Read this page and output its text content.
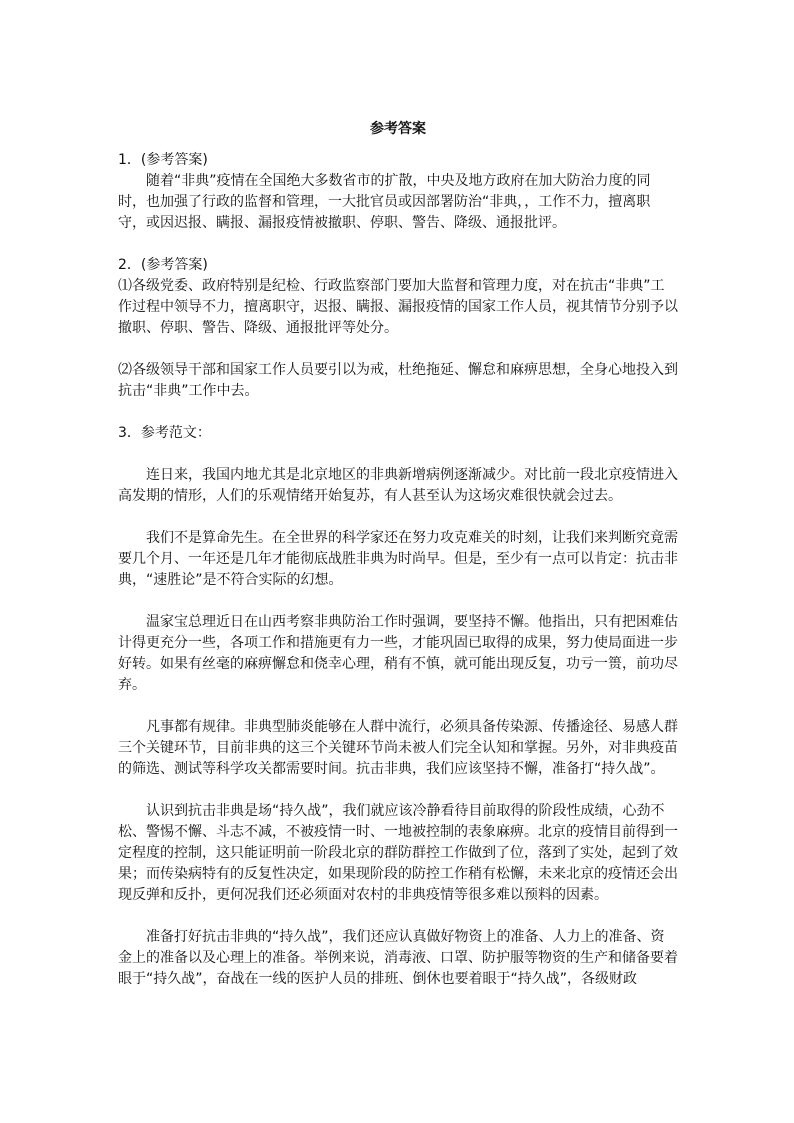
参考答案

1．(参考答案)

随着“非典”疫情在全国绝大多数省市的扩散，中央及地方政府在加大防治力度的同时，也加强了行政的监督和管理，一大批官员或因部署防治“非典，，工作不力，擅离职守，或因迟报、瞒报、漏报疫情被撤职、停职、警告、降级、通报批评。

2．(参考答案)

⑴各级党委、政府特别是纪检、行政监察部门要加大监督和管理力度，对在抗击“非典”工作过程中领导不力，擅离职守，迟报、瞒报、漏报疫情的国家工作人员，视其情节分别予以撤职、停职、警告、降级、通报批评等处分。

⑵各级领导干部和国家工作人员要引以为戒，杜绝拖延、懈怠和麻痹思想，全身心地投入到抗击“非典”工作中去。

3．参考范文：

连日来，我国内地尤其是北京地区的非典新增病例逐渐减少。对比前一段北京疫情进入高发期的情形，人们的乐观情绪开始复苏，有人甚至认为这场灾难很快就会过去。

我们不是算命先生。在全世界的科学家还在努力攻克难关的时刻，让我们来判断究竟需要几个月、一年还是几年才能彻底战胜非典为时尚早。但是，至少有一点可以肯定：抗击非典，“速胜论”是不符合实际的幻想。

温家宝总理近日在山西考察非典防治工作时强调，要坚持不懈。他指出，只有把困难估计得更充分一些，各项工作和措施更有力一些，才能巩固已取得的成果，努力使局面进一步好转。如果有丝毫的麻痹懈怠和侥幸心理，稍有不慎，就可能出现反复，功亏一篑，前功尽弃。

凡事都有规律。非典型肺炎能够在人群中流行，必须具备传染源、传播途径、易感人群三个关键环节，目前非典的这三个关键环节尚未被人们完全认知和掌握。另外，对非典疫苗的筛选、测试等科学攻关都需要时间。抗击非典，我们应该坚持不懈，准备打“持久战”。

认识到抗击非典是场“持久战”，我们就应该冷静看待目前取得的阶段性成绩，心劲不松、警惕不懈、斗志不减，不被疫情一时、一地被控制的表象麻痹。北京的疫情目前得到一定程度的控制，这只能证明前一阶段北京的群防群控工作做到了位，落到了实处，起到了效果；而传染病特有的反复性决定，如果现阶段的防控工作稍有松懈，未来北京的疫情还会出现反弹和反扑，更何况我们还必须面对农村的非典疫情等很多难以预料的因素。

准备打好抗击非典的“持久战”，我们还应认真做好物资上的准备、人力上的准备、资金上的准备以及心理上的准备。举例来说，消毒液、口罩、防护服等物资的生产和储备要着眼于“持久战”，奋战在一线的医护人员的排班、倒休也要着眼于“持久战”，各级财政
